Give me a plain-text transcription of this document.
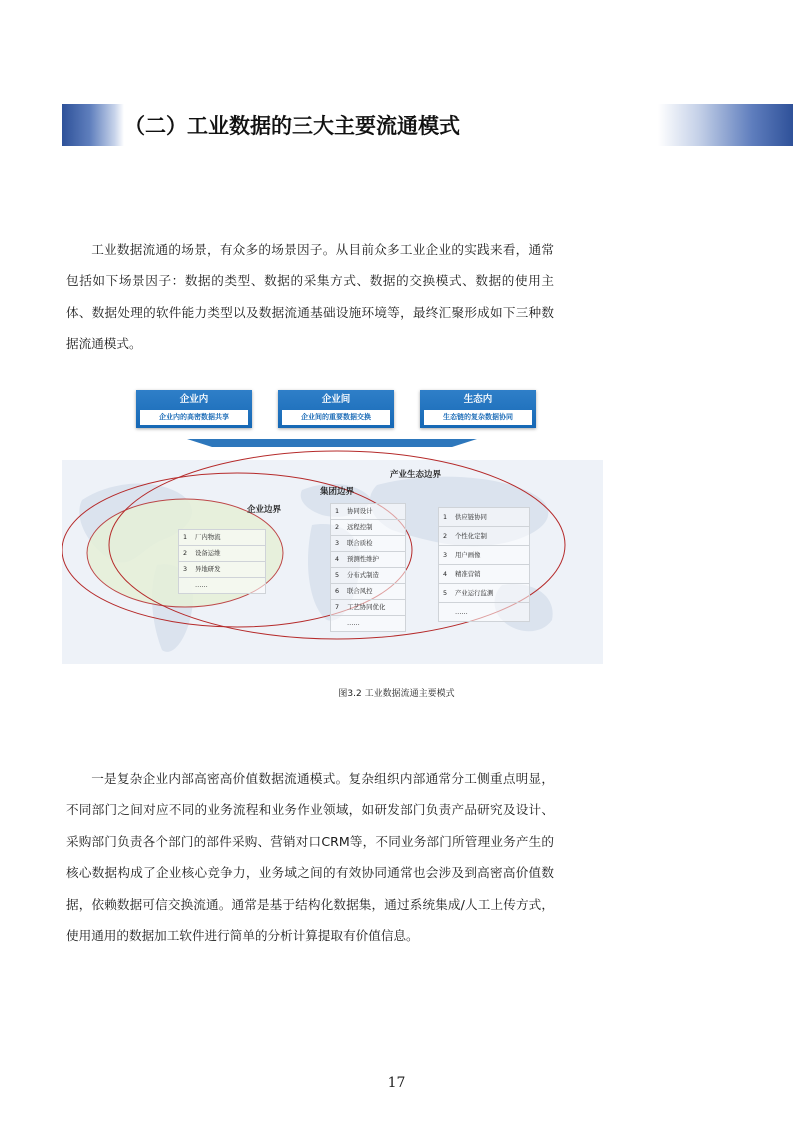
（二）工业数据的三大主要流通模式

工业数据流通的场景，有众多的场景因子。从目前众多工业企业的实践来看，通常包括如下场景因子：数据的类型、数据的采集方式、数据的交换模式、数据的使用主体、数据处理的软件能力类型以及数据流通基础设施环境等，最终汇聚形成如下三种数据流通模式。

企业内
企业内的高密数据共享
企业间
企业间的重要数据交换
生态内
生态链的复杂数据协同
产业生态边界
集团边界
企业边界
1 厂内物流
2 设备运维
3 异地研发
……
1 协同设计
2 远程控制
3 联合质检
4 预测性维护
5 分布式制造
6 联合风控
7 工艺协同优化
……
1 供应链协同
2 个性化定制
3 用户画像
4 精准营销
5 产业运行监测
……
图3.2 工业数据流通主要模式

一是复杂企业内部高密高价值数据流通模式。复杂组织内部通常分工侧重点明显，不同部门之间对应不同的业务流程和业务作业领域，如研发部门负责产品研究及设计、采购部门负责各个部门的部件采购、营销对口CRM等，不同业务部门所管理业务产生的核心数据构成了企业核心竞争力，业务域之间的有效协同通常也会涉及到高密高价值数据，依赖数据可信交换流通。通常是基于结构化数据集，通过系统集成/人工上传方式，使用通用的数据加工软件进行简单的分析计算提取有价值信息。

17
